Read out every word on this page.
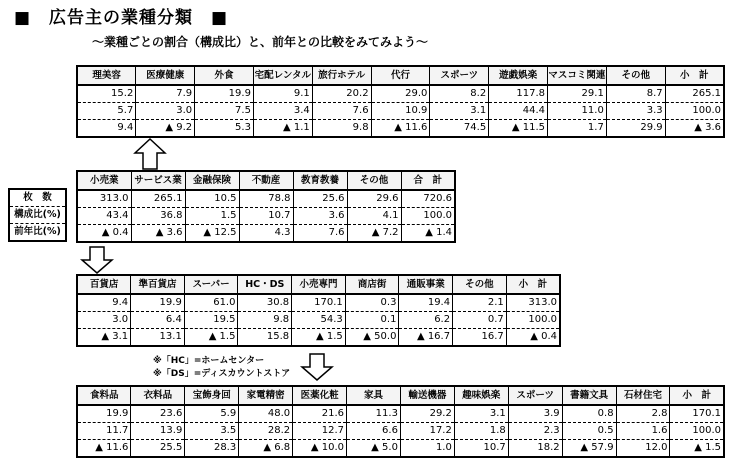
■　広告主の業種分類　■
〜業種ごとの割合（構成比）と、前年との比較をみてみよう〜
理美容	医療健康	外食	宅配レンタル	旅行ホテル	代行	スポーツ	遊戯娯楽	マスコミ関連	その他	小　計
15.2	7.9	19.9	9.1	20.2	29.0	8.2	117.8	29.1	8.7	265.1
5.7	3.0	7.5	3.4	7.6	10.9	3.1	44.4	11.0	3.3	100.0
9.4	▲ 9.2	5.3	▲ 1.1	9.8	▲ 11.6	74.5	▲ 11.5	1.7	29.9	▲ 3.6
枚　数
構成比(%)
前年比(%)
小売業	サービス業	金融保険	不動産	教育教養	その他	合　計
313.0	265.1	10.5	78.8	25.6	29.6	720.6
43.4	36.8	1.5	10.7	3.6	4.1	100.0
▲ 0.4	▲ 3.6	▲ 12.5	4.3	7.6	▲ 7.2	▲ 1.4
百貨店	準百貨店	スーパー	HC・DS	小売専門	商店街	通販事業	その他	小　計
9.4	19.9	61.0	30.8	170.1	0.3	19.4	2.1	313.0
3.0	6.4	19.5	9.8	54.3	0.1	6.2	0.7	100.0
▲ 3.1	13.1	▲ 1.5	15.8	▲ 1.5	▲ 50.0	▲ 16.7	16.7	▲ 0.4
※「HC」=ホームセンター
※「DS」=ディスカウントストア
食料品	衣料品	宝飾身回	家電精密	医薬化粧	家具	輸送機器	趣味娯楽	スポーツ	書籍文具	石材住宅	小　計
19.9	23.6	5.9	48.0	21.6	11.3	29.2	3.1	3.9	0.8	2.8	170.1
11.7	13.9	3.5	28.2	12.7	6.6	17.2	1.8	2.3	0.5	1.6	100.0
▲ 11.6	25.5	28.3	▲ 6.8	▲ 10.0	▲ 5.0	1.0	10.7	18.2	▲ 57.9	12.0	▲ 1.5
